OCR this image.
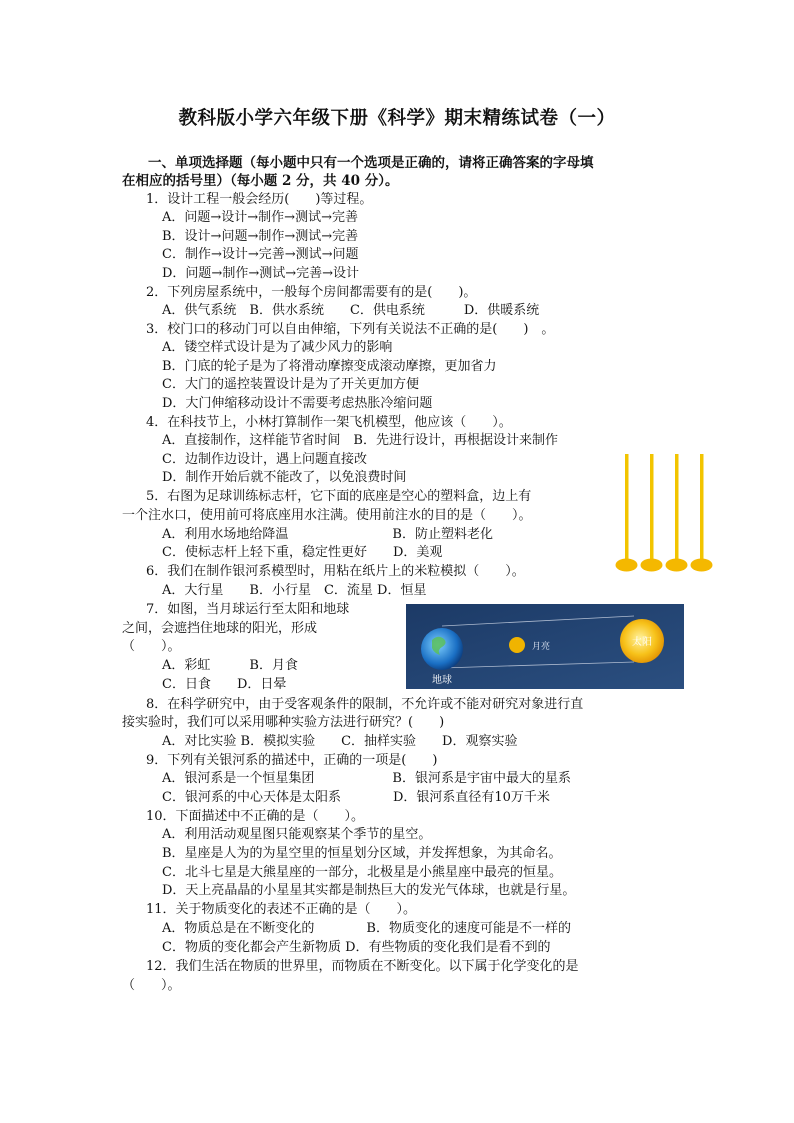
教科版小学六年级下册《科学》期末精练试卷（一）
一、单项选择题（每小题中只有一个选项是正确的，请将正确答案的字母填
在相应的括号里）（每小题 2 分，共 40 分）。
1．设计工程一般会经历(　　)等过程。
A．问题→设计→制作→测试→完善
B．设计→问题→制作→测试→完善
C．制作→设计→完善→测试→问题
D．问题→制作→测试→完善→设计
2．下列房屋系统中，一般每个房间都需要有的是(　　)。
A．供气系统　B．供水系统　　C．供电系统　　　D．供暖系统
3．校门口的移动门可以自由伸缩，下列有关说法不正确的是(　　)　。
A．镂空样式设计是为了减少风力的影响
B．门底的轮子是为了将滑动摩擦变成滚动摩擦，更加省力
C．大门的遥控装置设计是为了开关更加方便
D．大门伸缩移动设计不需要考虑热胀冷缩问题
4．在科技节上，小林打算制作一架飞机模型，他应该（　　）。
A．直接制作，这样能节省时间　B．先进行设计，再根据设计来制作
C．边制作边设计，遇上问题直接改
D．制作开始后就不能改了，以免浪费时间
5．右图为足球训练标志杆，它下面的底座是空心的塑料盒，边上有
一个注水口，使用前可将底座用水注满。使用前注水的目的是（　　）。
A．利用水场地给降温　　　　　　　　B．防止塑料老化
C．使标志杆上轻下重，稳定性更好　　D．美观
6．我们在制作银河系模型时，用粘在纸片上的米粒模拟（　　）。
A．大行星　　B．小行星　C．流星 D．恒星
7．如图，当月球运行至太阳和地球
之间，会遮挡住地球的阳光，形成
（　　）。
A．彩虹　　　B．月食
C．日食　　D．日晕
8．在科学研究中，由于受客观条件的限制，不允许或不能对研究对象进行直
接实验时，我们可以采用哪种实验方法进行研究？(　　)
A．对比实验 B．模拟实验　　C．抽样实验　　D．观察实验
9．下列有关银河系的描述中，正确的一项是(　　)
A．银河系是一个恒星集团　　　　　　B．银河系是宇宙中最大的星系
C．银河系的中心天体是太阳系　　　　D．银河系直径有10万千米
10．下面描述中不正确的是（　　）。
A．利用活动观星图只能观察某个季节的星空。
B．星座是人为的为星空里的恒星划分区域，并发挥想象，为其命名。
C．北斗七星是大熊星座的一部分，北极星是小熊星座中最亮的恒星。
D．天上亮晶晶的小星星其实都是制热巨大的发光气体球，也就是行星。
11．关于物质变化的表述不正确的是（　　）。
A．物质总是在不断变化的　　　　B．物质变化的速度可能是不一样的
C．物质的变化都会产生新物质 D．有些物质的变化我们是看不到的
12．我们生活在物质的世界里，而物质在不断变化。以下属于化学变化的是
（　　）。
地球
月亮	太阳
